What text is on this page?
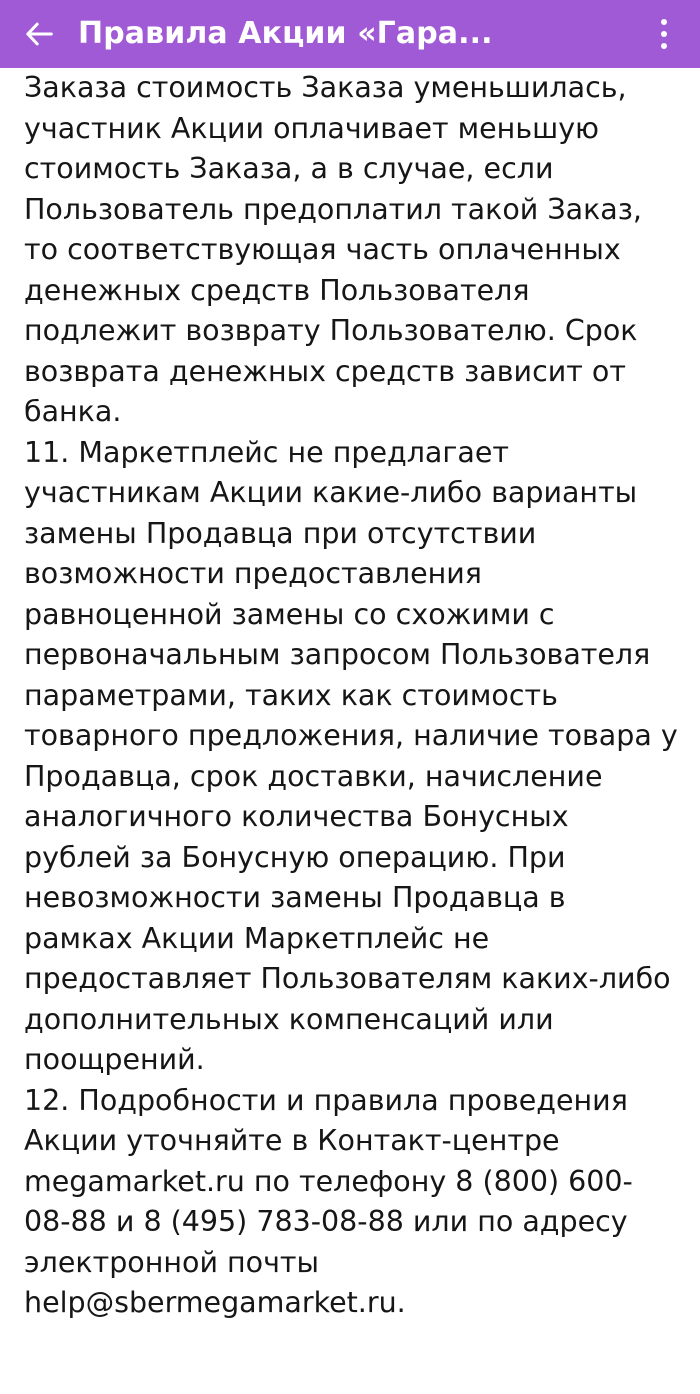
Правила Акции «Гара...

Заказа стоимость Заказа уменьшилась, участник Акции оплачивает меньшую стоимость Заказа, а в случае, если Пользователь предоплатил такой Заказ, то соответствующая часть оплаченных денежных средств Пользователя подлежит возврату Пользователю. Срок возврата денежных средств зависит от банка.

11. Маркетплейс не предлагает участникам Акции какие-либо варианты замены Продавца при отсутствии возможности предоставления равноценной замены со схожими с первоначальным запросом Пользователя параметрами, таких как стоимость товарного предложения, наличие товара у Продавца, срок доставки, начисление аналогичного количества Бонусных рублей за Бонусную операцию. При невозможности замены Продавца в рамках Акции Маркетплейс не предоставляет Пользователям каких-либо дополнительных компенсаций или поощрений.

12. Подробности и правила проведения Акции уточняйте в Контакт-центре megamarket.ru по телефону 8 (800) 600-08-88 и 8 (495) 783-08-88 или по адресу электронной почты help@sbermegamarket.ru.
